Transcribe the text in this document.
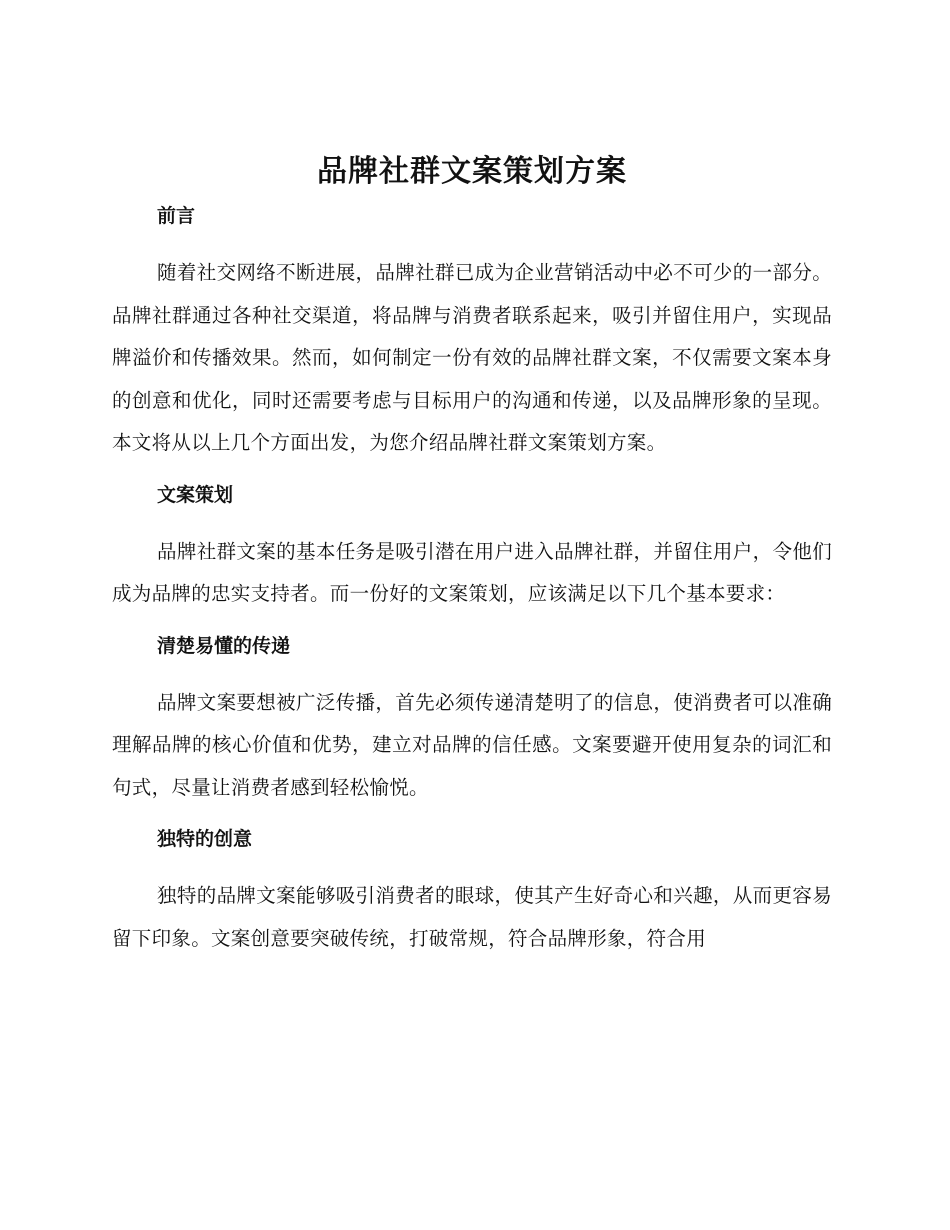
品牌社群文案策划方案
前言

随着社交网络不断进展，品牌社群已成为企业营销活动中必不可少的一部分。品牌社群通过各种社交渠道，将品牌与消费者联系起来，吸引并留住用户，实现品牌溢价和传播效果。然而，如何制定一份有效的品牌社群文案，不仅需要文案本身的创意和优化，同时还需要考虑与目标用户的沟通和传递，以及品牌形象的呈现。本文将从以上几个方面出发，为您介绍品牌社群文案策划方案。

文案策划

品牌社群文案的基本任务是吸引潜在用户进入品牌社群，并留住用户，令他们成为品牌的忠实支持者。而一份好的文案策划，应该满足以下几个基本要求：

清楚易懂的传递

品牌文案要想被广泛传播，首先必须传递清楚明了的信息，使消费者可以准确理解品牌的核心价值和优势，建立对品牌的信任感。文案要避开使用复杂的词汇和句式，尽量让消费者感到轻松愉悦。

独特的创意

独特的品牌文案能够吸引消费者的眼球，使其产生好奇心和兴趣，从而更容易留下印象。文案创意要突破传统，打破常规，符合品牌形象，符合用
